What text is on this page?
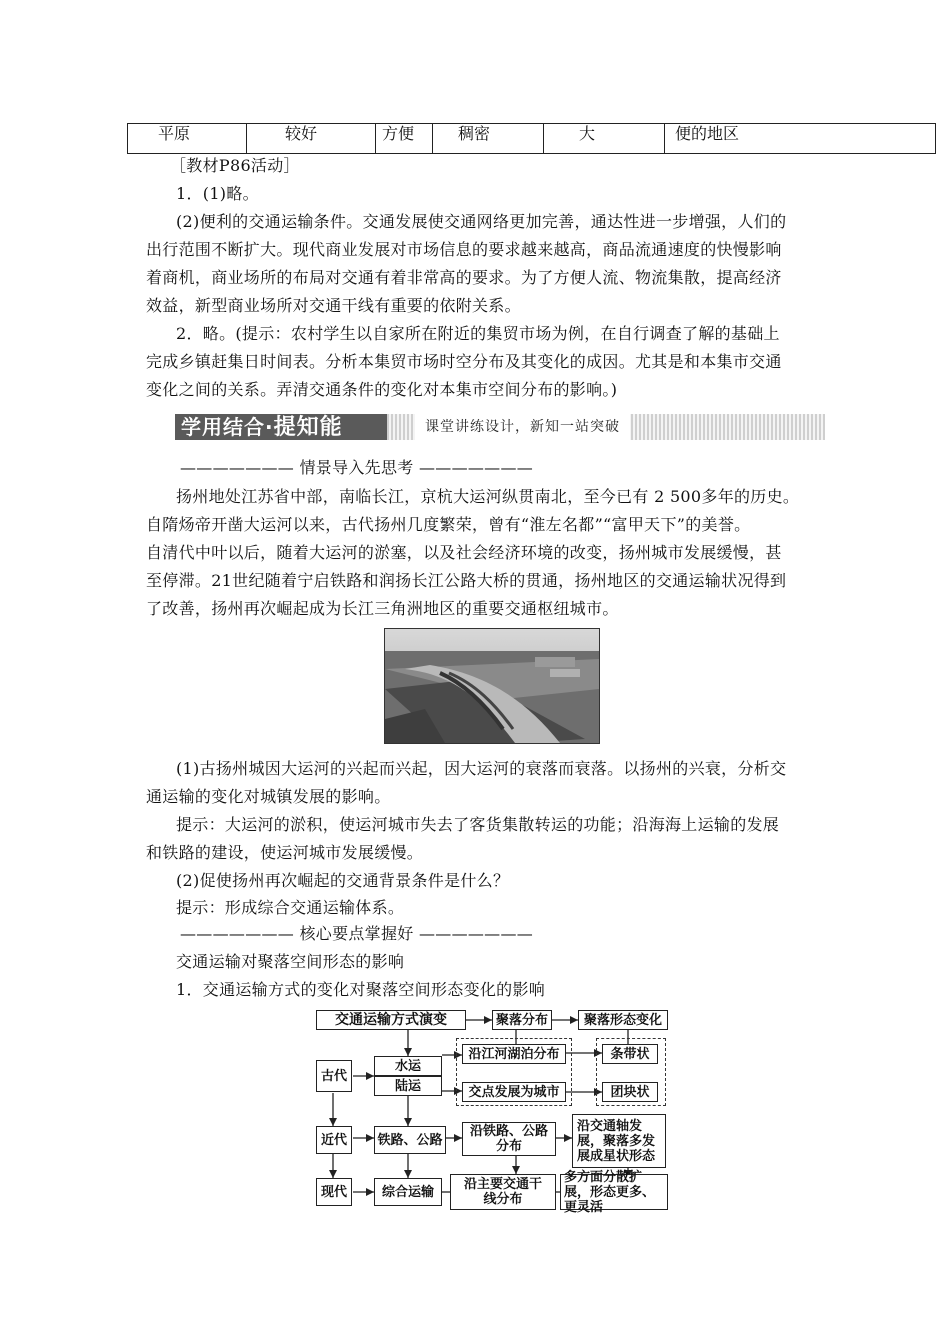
平原	较好	方便	稠密	大	便的地区
［教材P86活动］
1．(1)略。
(2)便利的交通运输条件。交通发展使交通网络更加完善，通达性进一步增强，人们的
出行范围不断扩大。现代商业发展对市场信息的要求越来越高，商品流通速度的快慢影响
着商机，商业场所的布局对交通有着非常高的要求。为了方便人流、物流集散，提高经济
效益，新型商业场所对交通干线有重要的依附关系。
2．略。(提示：农村学生以自家所在附近的集贸市场为例，在自行调查了解的基础上
完成乡镇赶集日时间表。分析本集贸市场时空分布及其变化的成因。尤其是和本集市交通
变化之间的关系。弄清交通条件的变化对本集市空间分布的影响。)
学用结合·提知能	课堂讲练设计，新知一站突破
——————— 情景导入先思考 ———————
扬州地处江苏省中部，南临长江，京杭大运河纵贯南北，至今已有 2 500多年的历史。
自隋炀帝开凿大运河以来，古代扬州几度繁荣，曾有“淮左名都”“富甲天下”的美誉。
自清代中叶以后，随着大运河的淤塞，以及社会经济环境的改变，扬州城市发展缓慢，甚
至停滞。21世纪随着宁启铁路和润扬长江公路大桥的贯通，扬州地区的交通运输状况得到
了改善，扬州再次崛起成为长江三角洲地区的重要交通枢纽城市。
(1)古扬州城因大运河的兴起而兴起，因大运河的衰落而衰落。以扬州的兴衰，分析交
通运输的变化对城镇发展的影响。
提示：大运河的淤积，使运河城市失去了客货集散转运的功能；沿海海上运输的发展
和铁路的建设，使运河城市发展缓慢。
(2)促使扬州再次崛起的交通背景条件是什么？
提示：形成综合交通运输体系。
——————— 核心要点掌握好 ———————
交通运输对聚落空间形态的影响
1．交通运输方式的变化对聚落空间形态变化的影响
交通运输方式演变	聚落分布	聚落形态变化
古代
近代
现代
水运
陆运
铁路、公路
综合运输
沿江河湖泊分布
交点发展为城市
沿铁路、公路分布
沿主要交通干线分布
条带状
团块状
沿交通轴发展，聚落多发展成星状形态
多方面分散扩展，形态更多、更灵活
